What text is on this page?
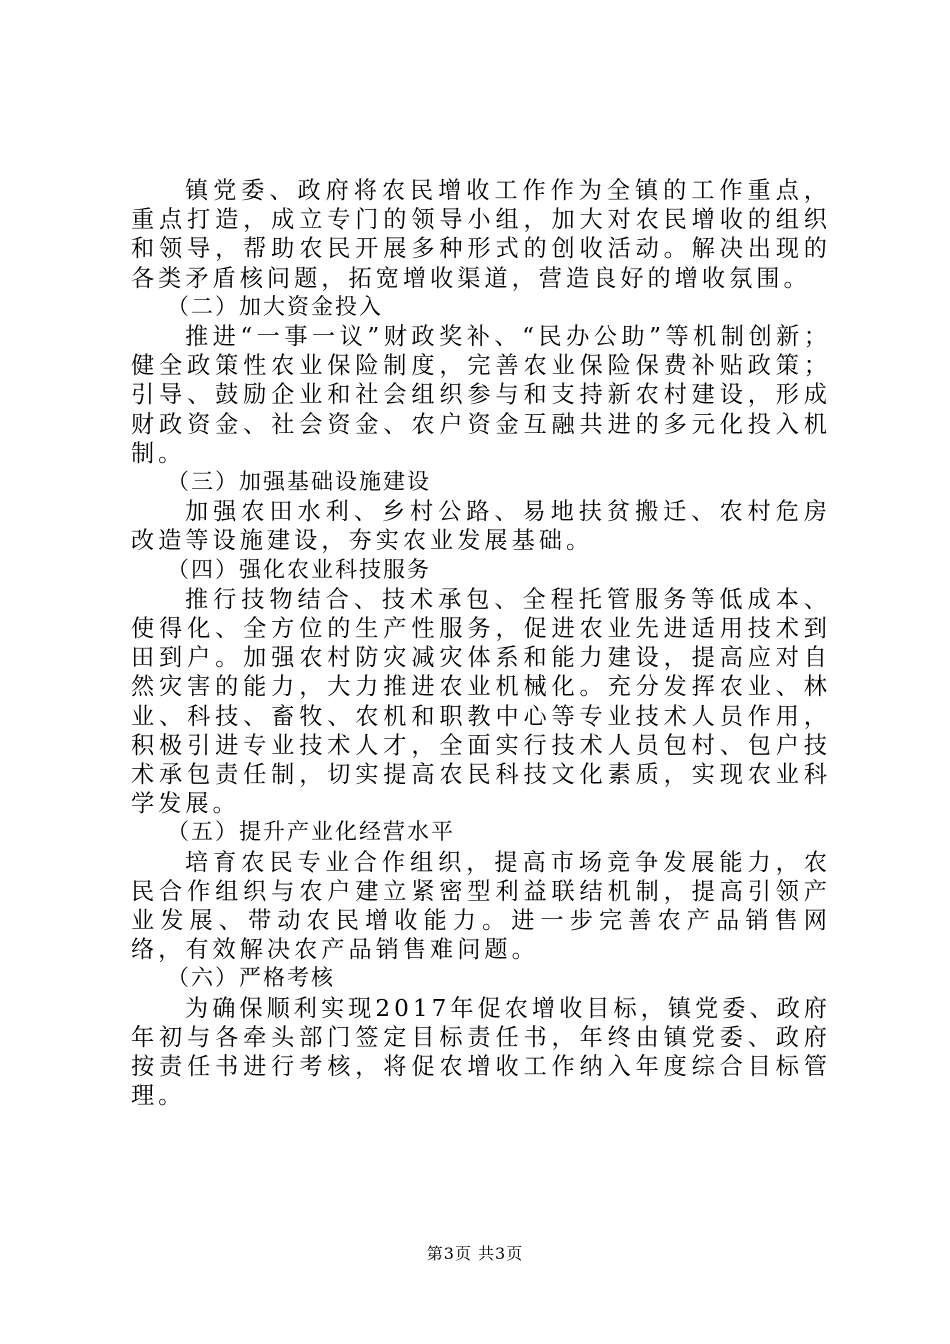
镇党委、政府将农民增收工作作为全镇的工作重点，重点打造，成立专门的领导小组，加大对农民增收的组织和领导，帮助农民开展多种形式的创收活动。解决出现的各类矛盾核问题，拓宽增收渠道，营造良好的增收氛围。

（二）加大资金投入

推进“一事一议”财政奖补、“民办公助”等机制创新；健全政策性农业保险制度，完善农业保险保费补贴政策；引导、鼓励企业和社会组织参与和支持新农村建设，形成财政资金、社会资金、农户资金互融共进的多元化投入机制。

（三）加强基础设施建设

加强农田水利、乡村公路、易地扶贫搬迁、农村危房改造等设施建设，夯实农业发展基础。

（四）强化农业科技服务

推行技物结合、技术承包、全程托管服务等低成本、使得化、全方位的生产性服务，促进农业先进适用技术到田到户。加强农村防灾减灾体系和能力建设，提高应对自然灾害的能力，大力推进农业机械化。充分发挥农业、林业、科技、畜牧、农机和职教中心等专业技术人员作用，积极引进专业技术人才，全面实行技术人员包村、包户技术承包责任制，切实提高农民科技文化素质，实现农业科学发展。

（五）提升产业化经营水平

培育农民专业合作组织，提高市场竞争发展能力，农民合作组织与农户建立紧密型利益联结机制，提高引领产业发展、带动农民增收能力。进一步完善农产品销售网络，有效解决农产品销售难问题。

（六）严格考核

为确保顺利实现2017年促农增收目标，镇党委、政府年初与各牵头部门签定目标责任书，年终由镇党委、政府按责任书进行考核，将促农增收工作纳入年度综合目标管理。

第3页 共3页
